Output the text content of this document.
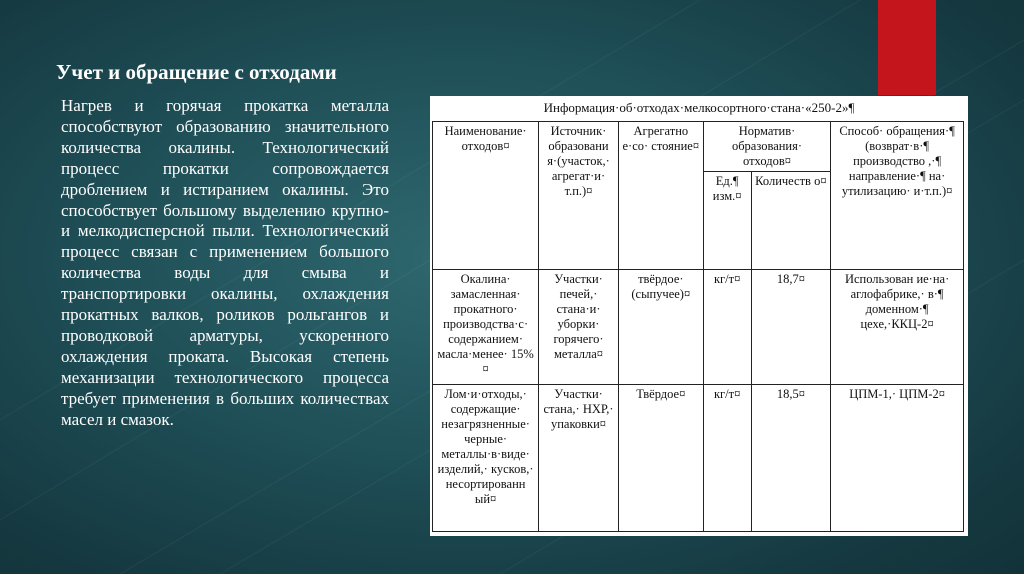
Учет и обращение с отходами

Нагрев и горячая прокатка металла способствуют образованию значительного количества окалины. Технологический процесс прокатки сопровождается дроблением и истиранием окалины. Это способствует большому выделению крупно- и мелкодисперсной пыли. Технологический процесс связан с применением большого количества воды для смыва и транспортировки окалины, охлаждения прокатных валков, роликов рольгангов и проводковой арматуры, ускоренного охлаждения проката. Высокая степень механизации технологического процесса требует применения в больших количествах масел и смазок.

Информация·об·отходах·мелкосортного·стана·«250-2»¶
Наименование· отходов¤	Источник· образовани я·(участок,· агрегат·и· т.п.)¤	Агрегатно е·со· стояние¤	Норматив· образования· отходов¤		Способ· обращения·¶ (возврат·в·¶ производство ,·¶ направление·¶ на· утилизацию· и·т.п.)¤
			Ед.¶ изм.¤	Количеств о¤	
Окалина· замасленная· прокатного· производства·с· содержанием· масла·менее· 15%¤	Участки· печей,· стана·и· уборки· горячего· металла¤	твёрдое· (сыпучее)¤	кг/т¤	18,7¤	Использован ие·на· аглофабрике,· в·¶ доменном·¶ цехе,·ККЦ-2¤
Лом·и·отходы,· содержащие· незагрязненные· черные· металлы·в·виде· изделий,· кусков,· несортированн ый¤	Участки· стана,· НХР,· упаковки¤	Твёрдое¤	кг/т¤	18,5¤	ЦПМ-1,· ЦПМ-2¤
